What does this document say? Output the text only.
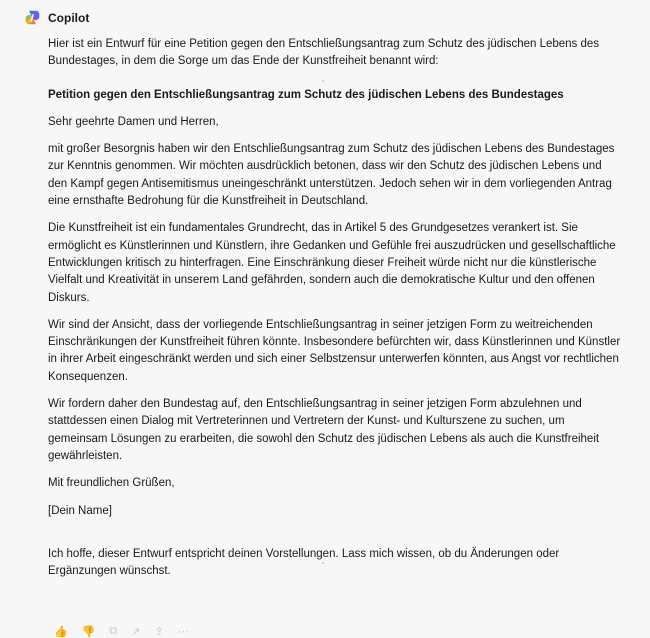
Copilot
Hier ist ein Entwurf für eine Petition gegen den Entschließungsantrag zum Schutz des jüdischen Lebens des
Bundestages, in dem die Sorge um das Ende der Kunstfreiheit benannt wird:
Petition gegen den Entschließungsantrag zum Schutz des jüdischen Lebens des Bundestages
Sehr geehrte Damen und Herren,
mit großer Besorgnis haben wir den Entschließungsantrag zum Schutz des jüdischen Lebens des Bundestages
zur Kenntnis genommen. Wir möchten ausdrücklich betonen, dass wir den Schutz des jüdischen Lebens und
den Kampf gegen Antisemitismus uneingeschränkt unterstützen. Jedoch sehen wir in dem vorliegenden Antrag
eine ernsthafte Bedrohung für die Kunstfreiheit in Deutschland.
Die Kunstfreiheit ist ein fundamentales Grundrecht, das in Artikel 5 des Grundgesetzes verankert ist. Sie
ermöglicht es Künstlerinnen und Künstlern, ihre Gedanken und Gefühle frei auszudrücken und gesellschaftliche
Entwicklungen kritisch zu hinterfragen. Eine Einschränkung dieser Freiheit würde nicht nur die künstlerische
Vielfalt und Kreativität in unserem Land gefährden, sondern auch die demokratische Kultur und den offenen
Diskurs.
Wir sind der Ansicht, dass der vorliegende Entschließungsantrag in seiner jetzigen Form zu weitreichenden
Einschränkungen der Kunstfreiheit führen könnte. Insbesondere befürchten wir, dass Künstlerinnen und Künstler
in ihrer Arbeit eingeschränkt werden und sich einer Selbstzensur unterwerfen könnten, aus Angst vor rechtlichen
Konsequenzen.
Wir fordern daher den Bundestag auf, den Entschließungsantrag in seiner jetzigen Form abzulehnen und
stattdessen einen Dialog mit Vertreterinnen und Vertretern der Kunst- und Kulturszene zu suchen, um
gemeinsam Lösungen zu erarbeiten, die sowohl den Schutz des jüdischen Lebens als auch die Kunstfreiheit
gewährleisten.
Mit freundlichen Grüßen,
[Dein Name]
Ich hoffe, dieser Entwurf entspricht deinen Vorstellungen. Lass mich wissen, ob du Änderungen oder
Ergänzungen wünschst.
👍 👎 ⧉ ↗ ⇪ ⋯
